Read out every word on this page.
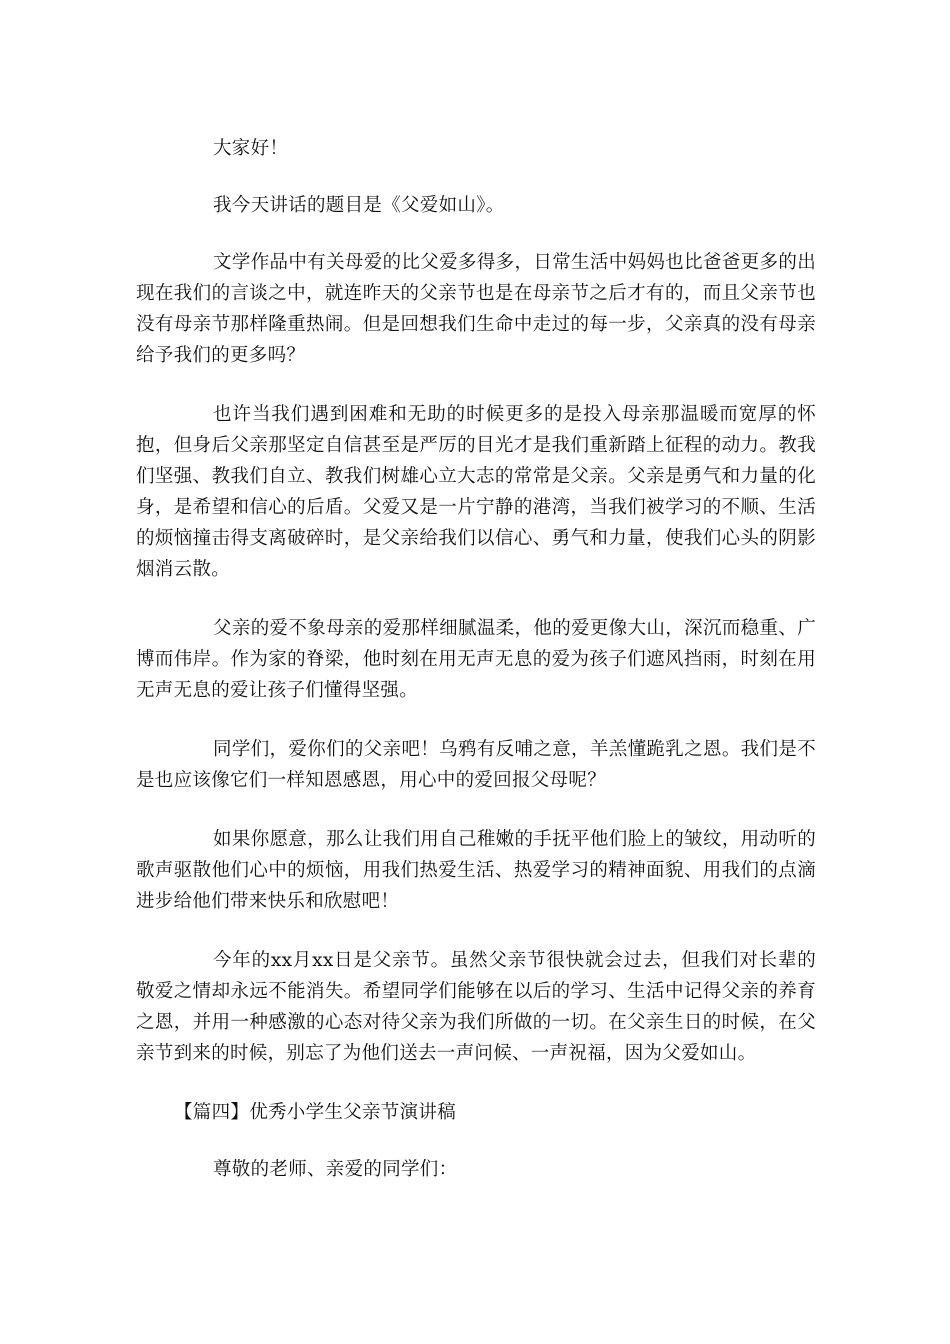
大家好！

我今天讲话的题目是《父爱如山》。

文学作品中有关母爱的比父爱多得多，日常生活中妈妈也比爸爸更多的出现在我们的言谈之中，就连昨天的父亲节也是在母亲节之后才有的，而且父亲节也没有母亲节那样隆重热闹。但是回想我们生命中走过的每一步，父亲真的没有母亲给予我们的更多吗？

也许当我们遇到困难和无助的时候更多的是投入母亲那温暖而宽厚的怀抱，但身后父亲那坚定自信甚至是严厉的目光才是我们重新踏上征程的动力。教我们坚强、教我们自立、教我们树雄心立大志的常常是父亲。父亲是勇气和力量的化身，是希望和信心的后盾。父爱又是一片宁静的港湾，当我们被学习的不顺、生活的烦恼撞击得支离破碎时，是父亲给我们以信心、勇气和力量，使我们心头的阴影烟消云散。

父亲的爱不象母亲的爱那样细腻温柔，他的爱更像大山，深沉而稳重、广博而伟岸。作为家的脊梁，他时刻在用无声无息的爱为孩子们遮风挡雨，时刻在用无声无息的爱让孩子们懂得坚强。

同学们，爱你们的父亲吧！乌鸦有反哺之意，羊羔懂跪乳之恩。我们是不是也应该像它们一样知恩感恩，用心中的爱回报父母呢？

如果你愿意，那么让我们用自己稚嫩的手抚平他们脸上的皱纹，用动听的歌声驱散他们心中的烦恼，用我们热爱生活、热爱学习的精神面貌、用我们的点滴进步给他们带来快乐和欣慰吧！

今年的xx月xx日是父亲节。虽然父亲节很快就会过去，但我们对长辈的敬爱之情却永远不能消失。希望同学们能够在以后的学习、生活中记得父亲的养育之恩，并用一种感激的心态对待父亲为我们所做的一切。在父亲生日的时候，在父亲节到来的时候，别忘了为他们送去一声问候、一声祝福，因为父爱如山。

【篇四】优秀小学生父亲节演讲稿

尊敬的老师、亲爱的同学们：
